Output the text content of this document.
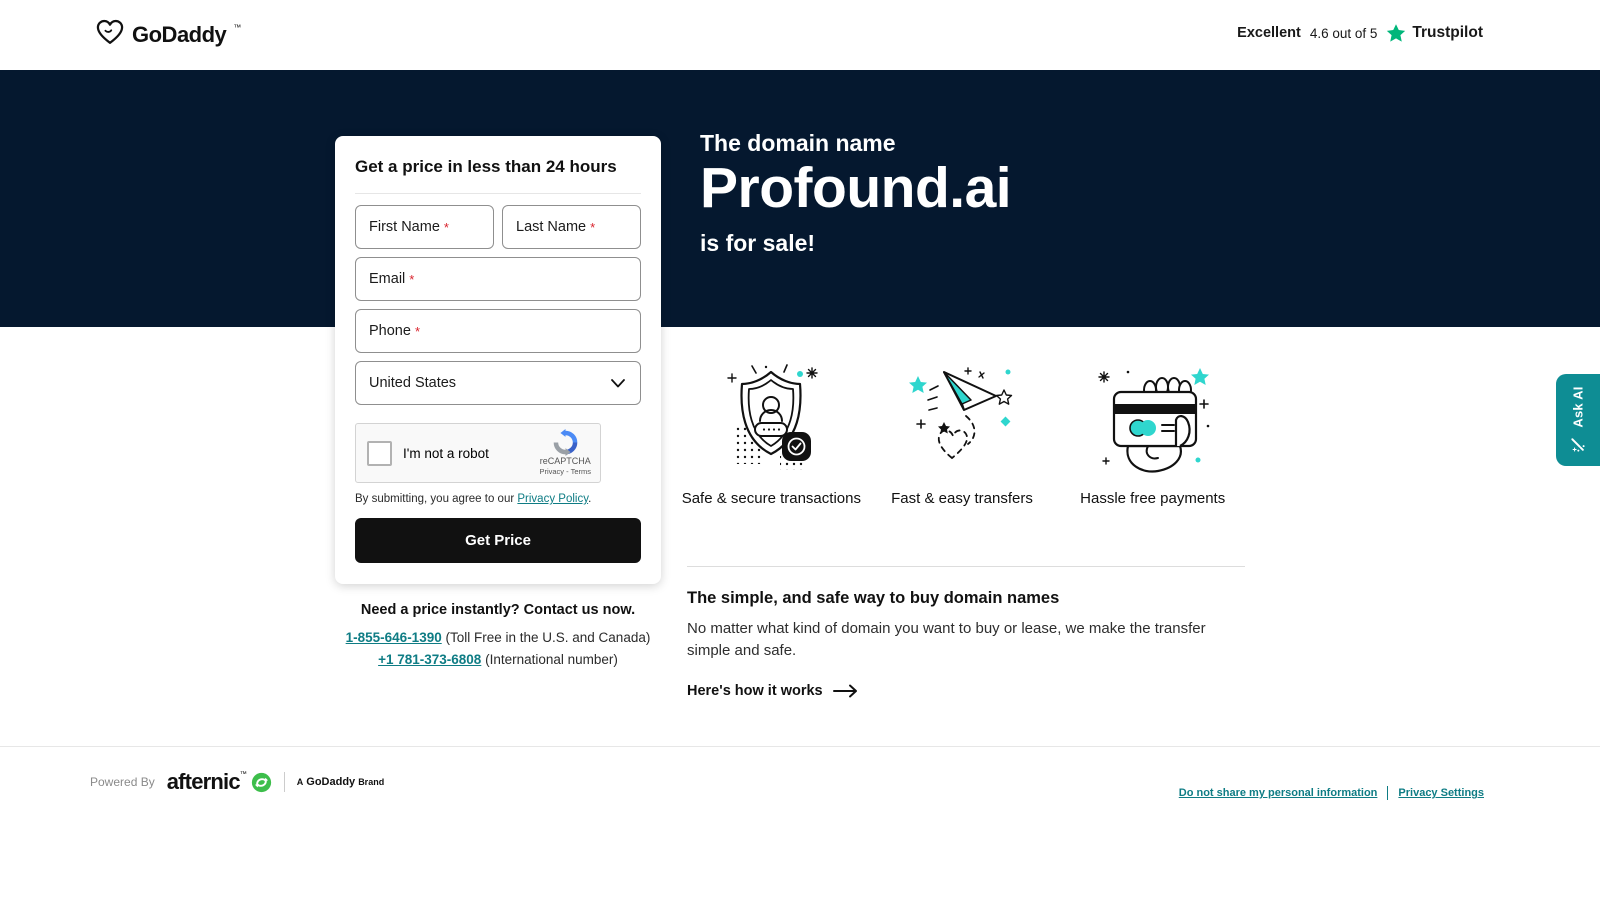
GoDaddy ™	Excellent 4.6 out of 5 Trustpilot
The domain name
Profound.ai
is for sale!
Get a price in less than 24 hours
First Name *	Last Name *
Email *
Phone *
United States
I'm not a robot
reCAPTCHA
Privacy - Terms
By submitting, you agree to our Privacy Policy.
Get Price
Need a price instantly? Contact us now.
1-855-646-1390 (Toll Free in the U.S. and Canada)
+1 781-373-6808 (International number)
Safe & secure transactions	Fast & easy transfers	Hassle free payments
The simple, and safe way to buy domain names
No matter what kind of domain you want to buy or lease, we make the transfer simple and safe.
Here's how it works
Powered By afternic ™
A GoDaddy Brand
Do not share my personal information Privacy Settings
Ask AI
